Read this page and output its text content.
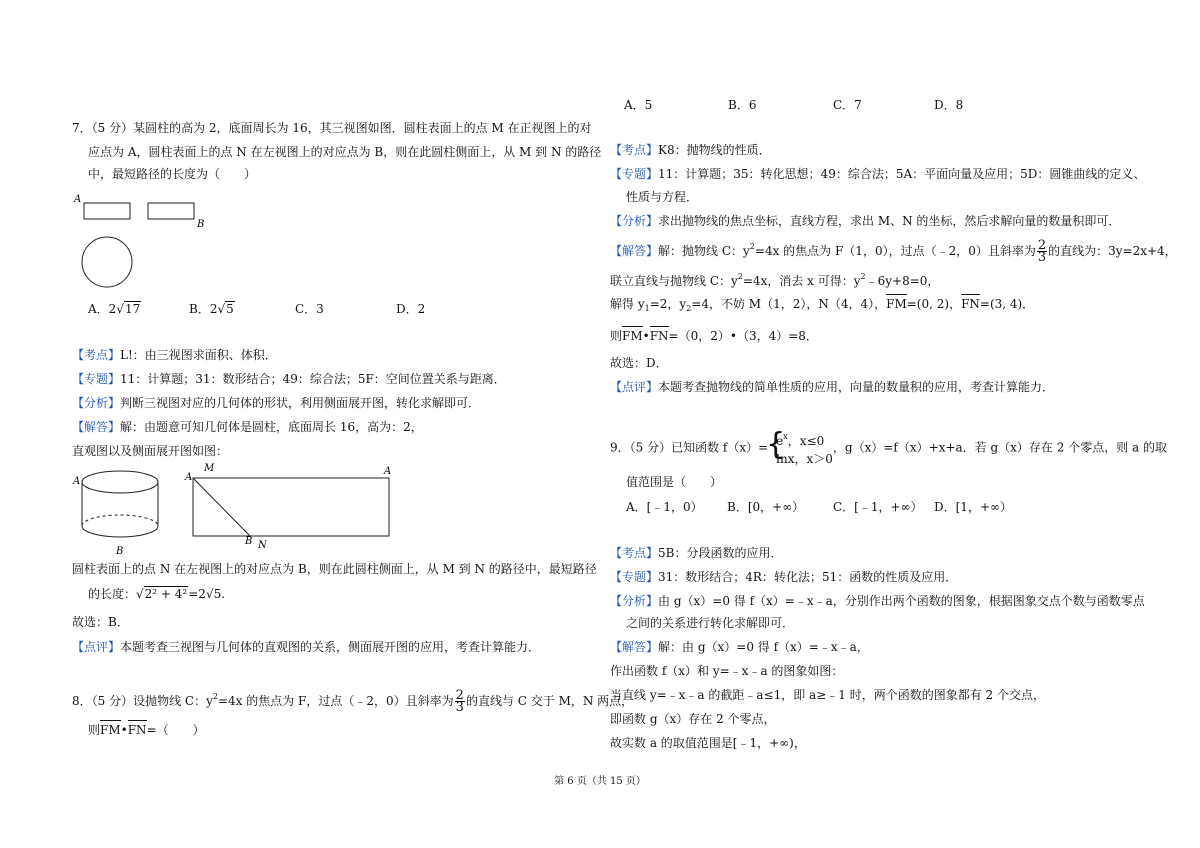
A．5	B．6	C．7	D．8
7．（5 分）某圆柱的高为 2，底面周长为 16，其三视图如图．圆柱表面上的点 M 在正视图上的对
应点为 A，圆柱表面上的点 N 在左视图上的对应点为 B，则在此圆柱侧面上，从 M 到 N 的路径
中，最短路径的长度为（　　）
A
B
A．2√17	B．2√5	C．3	D．2
【考点】L!：由三视图求面积、体积．
【专题】11：计算题；31：数形结合；49：综合法；5F：空间位置关系与距离．
【分析】判断三视图对应的几何体的形状，利用侧面展开图，转化求解即可．
【解答】解：由题意可知几何体是圆柱，底面周长 16，高为：2，
直观图以及侧面展开图如图：
A
B
M	A
A
B N
圆柱表面上的点 N 在左视图上的对应点为 B，则在此圆柱侧面上，从 M 到 N 的路径中，最短路径
的长度：√2² + 4²=2√5.
故选：B．
【点评】本题考查三视图与几何体的直观图的关系，侧面展开图的应用，考查计算能力．
8．（5 分）设抛物线 C：$y^2=4x$ 的焦点为 F，过点（﹣2，0）且斜率为 $\frac{2}{3}$ 的直线与 C 交于 M，N 两点，
则FM•FN=（　　）
【考点】K8：抛物线的性质．
【专题】11：计算题；35：转化思想；49：综合法；5A：平面向量及应用；5D：圆锥曲线的定义、
性质与方程．
【分析】求出抛物线的焦点坐标，直线方程，求出 M、N 的坐标，然后求解向量的数量积即可．
【解答】解：抛物线 C：$y^2=4x$ 的焦点为 F（1，0），过点（﹣2，0）且斜率为 $\frac{2}{3}$ 的直线为：3y=2x+4，
联立直线与抛物线 C：$y^2=4x$，消去 x 可得：$y^2﹣6y+8=0$，
解得 $y_1=2$，$y_2=4$，不妨 M（1，2），N（4，4），FM=(0, 2)，FN=(3, 4)．
则FM•FN=（0，2）•（3，4）=8．
故选：D．
【点评】本题考查抛物线的简单性质的应用，向量的数量积的应用，考查计算能力．
9．（5 分）已知函数 f（x）=
{ $e^x$，x≤0
lnx，x＞0
，g（x）=f（x）+x+a．若 g（x）存在 2 个零点，则 a 的取
值范围是（　　）
A．[﹣1，0） B．[0，+∞） C．[﹣1，+∞） D．[1，+∞）
【考点】5B：分段函数的应用．
【专题】31：数形结合；4R：转化法；51：函数的性质及应用．
【分析】由 g（x）=0 得 f（x）=﹣x﹣a，分别作出两个函数的图象，根据图象交点个数与函数零点
之间的关系进行转化求解即可．
【解答】解：由 g（x）=0 得 f（x）=﹣x﹣a，
作出函数 f（x）和 y=﹣x﹣a 的图象如图：
当直线 y=﹣x﹣a 的截距﹣a≤1，即 a≥﹣1 时，两个函数的图象都有 2 个交点，
即函数 g（x）存在 2 个零点，
故实数 a 的取值范围是[﹣1，+∞)，
第 6 页（共 15 页）
